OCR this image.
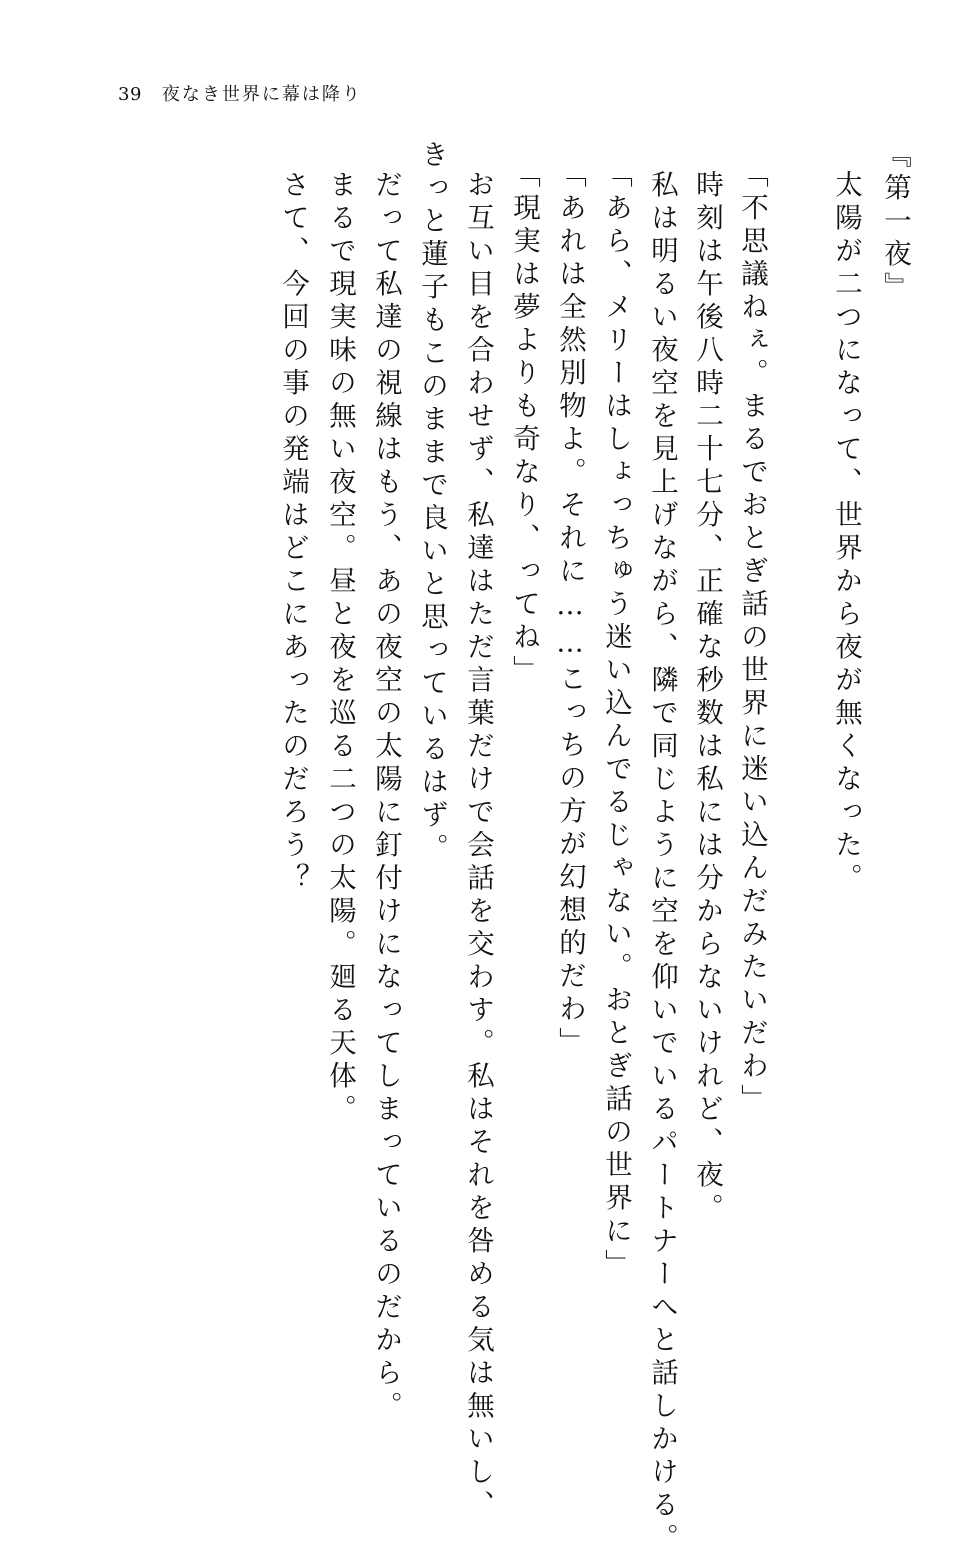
39 夜なき世界に幕は降り
『第一夜』
太陽が二つになって、世界から夜が無くなった。
「不思議ねぇ。まるでおとぎ話の世界に迷い込んだみたいだわ」
時刻は午後八時二十七分、正確な秒数は私には分からないけれど、夜。
私は明るい夜空を見上げながら、隣で同じように空を仰いでいるパートナーへと話しかける。
「あら、メリーはしょっちゅう迷い込んでるじゃない。おとぎ話の世界に」
「あれは全然別物よ。それに……こっちの方が幻想的だわ」
「現実は夢よりも奇なり、ってね」
お互い目を合わせず、私達はただ言葉だけで会話を交わす。私はそれを咎める気は無いし、
きっと蓮子もこのままで良いと思っているはず。
だって私達の視線はもう、あの夜空の太陽に釘付けになってしまっているのだから。
まるで現実味の無い夜空。昼と夜を巡る二つの太陽。廻る天体。
さて、今回の事の発端はどこにあったのだろう？
